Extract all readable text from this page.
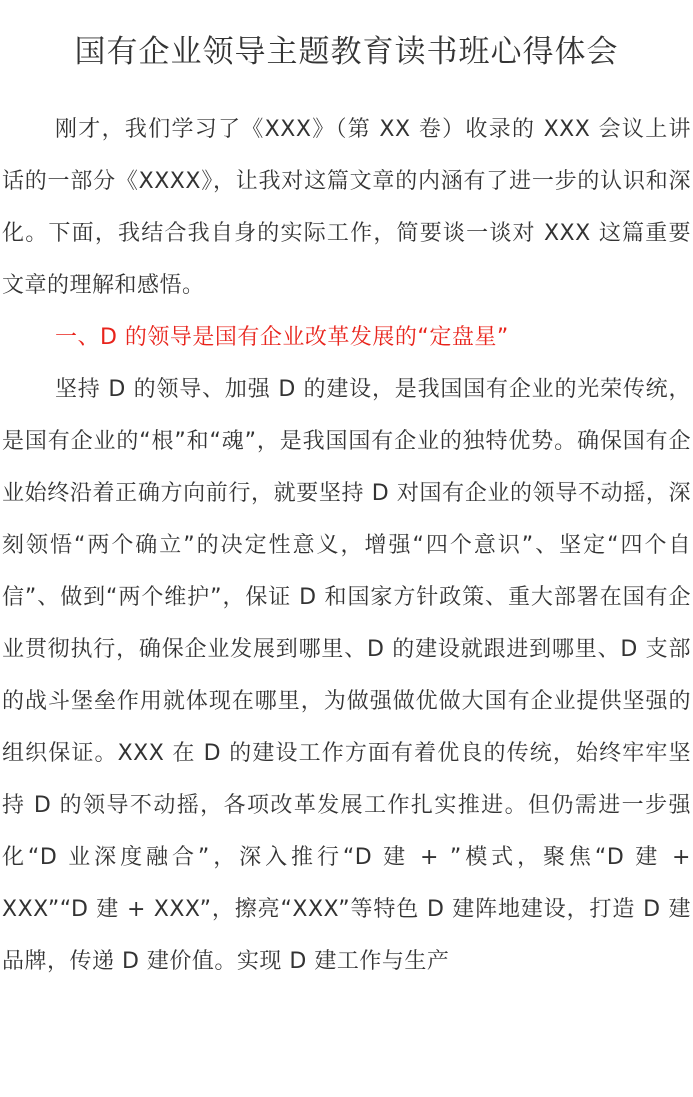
国有企业领导主题教育读书班心得体会
刚才，我们学习了《XXX》（第 XX 卷）收录的 XXX 会议上讲话的一部分《XXXX》，让我对这篇文章的内涵有了进一步的认识和深化。下面，我结合我自身的实际工作，简要谈一谈对 XXX 这篇重要文章的理解和感悟。
一、D 的领导是国有企业改革发展的“定盘星”
坚持 D 的领导、加强 D 的建设，是我国国有企业的光荣传统，是国有企业的“根”和“魂”，是我国国有企业的独特优势。确保国有企业始终沿着正确方向前行，就要坚持 D 对国有企业的领导不动摇，深刻领悟“两个确立”的决定性意义，增强“四个意识”、坚定“四个自信”、做到“两个维护”，保证 D 和国家方针政策、重大部署在国有企业贯彻执行，确保企业发展到哪里、D 的建设就跟进到哪里、D 支部的战斗堡垒作用就体现在哪里，为做强做优做大国有企业提供坚强的组织保证。XXX 在 D 的建设工作方面有着优良的传统，始终牢牢坚持 D 的领导不动摇，各项改革发展工作扎实推进。但仍需进一步强化“D 业深度融合”，深入推行“D 建 + ”模式，聚焦“D 建 + XXX”“D 建 + XXX”，擦亮“XXX”等特色 D 建阵地建设，打造 D 建品牌，传递 D 建价值。实现 D 建工作与生产
